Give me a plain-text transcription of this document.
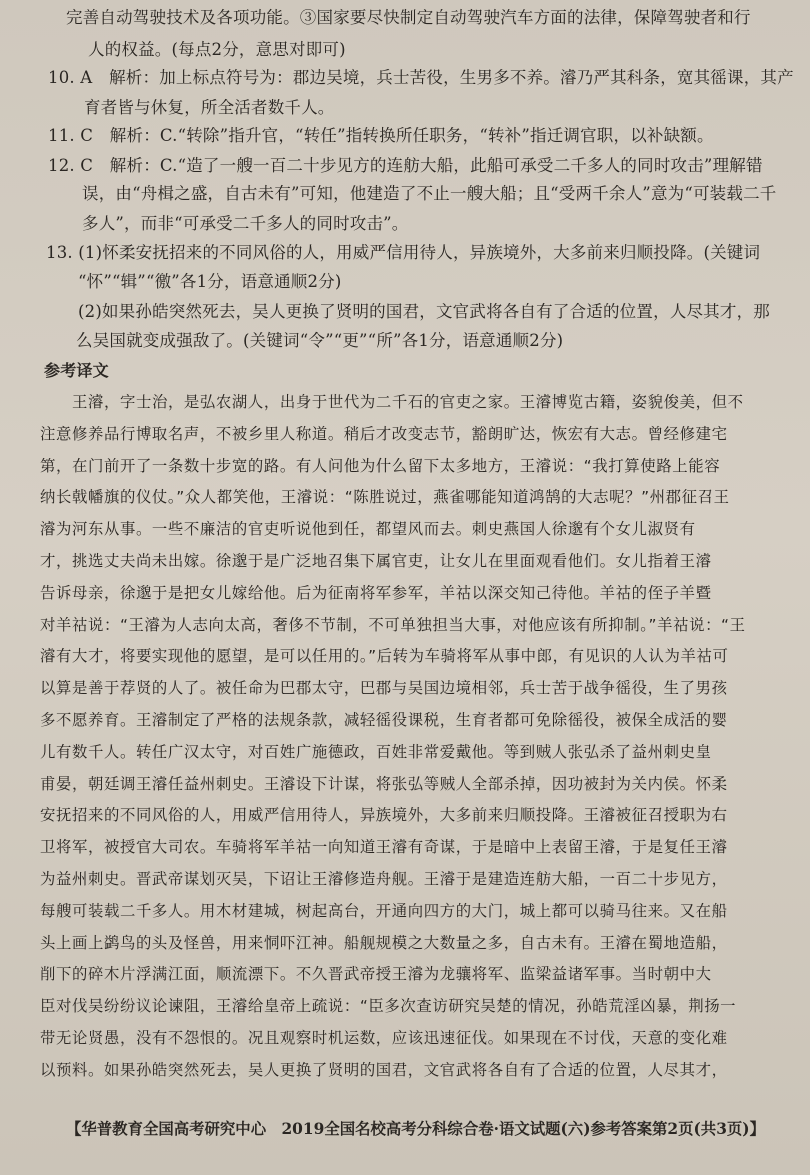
完善自动驾驶技术及各项功能。③国家要尽快制定自动驾驶汽车方面的法律，保障驾驶者和行
人的权益。(每点2分，意思对即可)
10. A　解析：加上标点符号为：郡边吴境，兵士苦役，生男多不养。濬乃严其科条，宽其徭课，其产
育者皆与休复，所全活者数千人。
11. C　解析：C.“转除”指升官，“转任”指转换所任职务，“转补”指迁调官职，以补缺额。
12. C　解析：C.“造了一艘一百二十步见方的连舫大船，此船可承受二千多人的同时攻击”理解错
误，由“舟楫之盛，自古未有”可知，他建造了不止一艘大船；且“受两千余人”意为“可装载二千
多人”，而非“可承受二千多人的同时攻击”。
13. (1)怀柔安抚招来的不同风俗的人，用威严信用待人，异族境外，大多前来归顺投降。(关键词
“怀”“辑”“徼”各1分，语意通顺2分)
(2)如果孙皓突然死去，吴人更换了贤明的国君，文官武将各自有了合适的位置，人尽其才，那
么吴国就变成强敌了。(关键词“令”“更”“所”各1分，语意通顺2分)
参考译文
王濬，字士治，是弘农湖人，出身于世代为二千石的官吏之家。王濬博览古籍，姿貌俊美，但不
注意修养品行博取名声，不被乡里人称道。稍后才改变志节，豁朗旷达，恢宏有大志。曾经修建宅
第，在门前开了一条数十步宽的路。有人问他为什么留下太多地方，王濬说：“我打算使路上能容
纳长戟幡旗的仪仗。”众人都笑他，王濬说：“陈胜说过，燕雀哪能知道鸿鹄的大志呢？”州郡征召王
濬为河东从事。一些不廉洁的官吏听说他到任，都望风而去。刺史燕国人徐邈有个女儿淑贤有
才，挑选丈夫尚未出嫁。徐邈于是广泛地召集下属官吏，让女儿在里面观看他们。女儿指着王濬
告诉母亲，徐邈于是把女儿嫁给他。后为征南将军参军，羊祜以深交知己待他。羊祜的侄子羊暨
对羊祜说：“王濬为人志向太高，奢侈不节制，不可单独担当大事，对他应该有所抑制。”羊祜说：“王
濬有大才，将要实现他的愿望，是可以任用的。”后转为车骑将军从事中郎，有见识的人认为羊祜可
以算是善于荐贤的人了。被任命为巴郡太守，巴郡与吴国边境相邻，兵士苦于战争徭役，生了男孩
多不愿养育。王濬制定了严格的法规条款，减轻徭役课税，生育者都可免除徭役，被保全成活的婴
儿有数千人。转任广汉太守，对百姓广施德政，百姓非常爱戴他。等到贼人张弘杀了益州刺史皇
甫晏，朝廷调王濬任益州刺史。王濬设下计谋，将张弘等贼人全部杀掉，因功被封为关内侯。怀柔
安抚招来的不同风俗的人，用威严信用待人，异族境外，大多前来归顺投降。王濬被征召授职为右
卫将军，被授官大司农。车骑将军羊祜一向知道王濬有奇谋，于是暗中上表留王濬，于是复任王濬
为益州刺史。晋武帝谋划灭吴，下诏让王濬修造舟舰。王濬于是建造连舫大船，一百二十步见方，
每艘可装载二千多人。用木材建城，树起高台，开通向四方的大门，城上都可以骑马往来。又在船
头上画上鹢鸟的头及怪兽，用来恫吓江神。船舰规模之大数量之多，自古未有。王濬在蜀地造船，
削下的碎木片浮满江面，顺流漂下。不久晋武帝授王濬为龙骧将军、监梁益诸军事。当时朝中大
臣对伐吴纷纷议论谏阻，王濬给皇帝上疏说：“臣多次查访研究吴楚的情况，孙皓荒淫凶暴，荆扬一
带无论贤愚，没有不怨恨的。况且观察时机运数，应该迅速征伐。如果现在不讨伐，天意的变化难
以预料。如果孙皓突然死去，吴人更换了贤明的国君，文官武将各自有了合适的位置，人尽其才，
【华普教育全国高考研究中心　2019全国名校高考分科综合卷·语文试题(六)参考答案第2页(共3页)】
